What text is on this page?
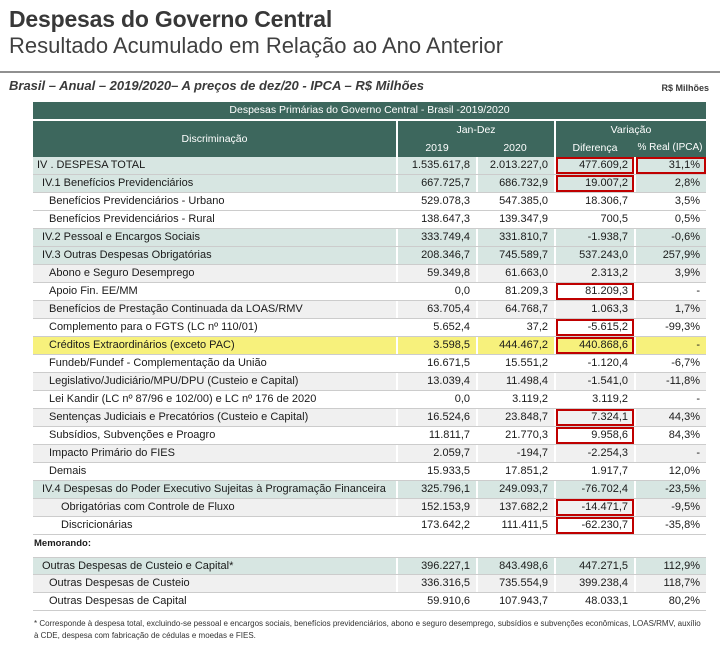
Despesas do Governo Central
Resultado Acumulado em Relação ao Ano Anterior
Brasil – Anual – 2019/2020– A preços de dez/20 - IPCA – R$ Milhões	R$ Milhões
Despesas Primárias do Governo Central - Brasil -2019/2020
Discriminação
Jan-Dez	Variação
2019	2020	Diferença	% Real (IPCA)
IV . DESPESA TOTAL	1.535.617,8	2.013.227,0	477.609,2	31,1%
IV.1 Benefícios Previdenciários	667.725,7	686.732,9	19.007,2	2,8%
Benefícios Previdenciários - Urbano	529.078,3	547.385,0	18.306,7	3,5%
Benefícios Previdenciários - Rural	138.647,3	139.347,9	700,5	0,5%
IV.2 Pessoal e Encargos Sociais	333.749,4	331.810,7	-1.938,7	-0,6%
IV.3 Outras Despesas Obrigatórias	208.346,7	745.589,7	537.243,0	257,9%
Abono e Seguro Desemprego	59.349,8	61.663,0	2.313,2	3,9%
Apoio Fin. EE/MM	0,0	81.209,3	81.209,3	-
Benefícios de Prestação Continuada da LOAS/RMV	63.705,4	64.768,7	1.063,3	1,7%
Complemento para o FGTS (LC nº 110/01)	5.652,4	37,2	-5.615,2	-99,3%
Créditos Extraordinários (exceto PAC)	3.598,5	444.467,2	440.868,6	-
Fundeb/Fundef - Complementação da União	16.671,5	15.551,2	-1.120,4	-6,7%
Legislativo/Judiciário/MPU/DPU (Custeio e Capital)	13.039,4	11.498,4	-1.541,0	-11,8%
Lei Kandir (LC nº 87/96 e 102/00) e LC nº 176 de 2020	0,0	3.119,2	3.119,2	-
Sentenças Judiciais e Precatórios (Custeio e Capital)	16.524,6	23.848,7	7.324,1	44,3%
Subsídios, Subvenções e Proagro	11.811,7	21.770,3	9.958,6	84,3%
Impacto Primário do FIES	2.059,7	-194,7	-2.254,3	-
Demais	15.933,5	17.851,2	1.917,7	12,0%
IV.4 Despesas do Poder Executivo Sujeitas à Programação Financeira	325.796,1	249.093,7	-76.702,4	-23,5%
Obrigatórias com Controle de Fluxo	152.153,9	137.682,2	-14.471,7	-9,5%
Discricionárias	173.642,2	111.411,5	-62.230,7	-35,8%
Memorando:
Outras Despesas de Custeio e Capital*	396.227,1	843.498,6	447.271,5	112,9%
Outras Despesas de Custeio	336.316,5	735.554,9	399.238,4	118,7%
Outras Despesas de Capital	59.910,6	107.943,7	48.033,1	80,2%
* Corresponde à despesa total, excluindo-se pessoal e encargos sociais, benefícios previdenciários, abono e seguro desemprego, subsídios e subvenções econômicas, LOAS/RMV, auxílio à CDE, despesa com fabricação de cédulas e moedas e FIES.
